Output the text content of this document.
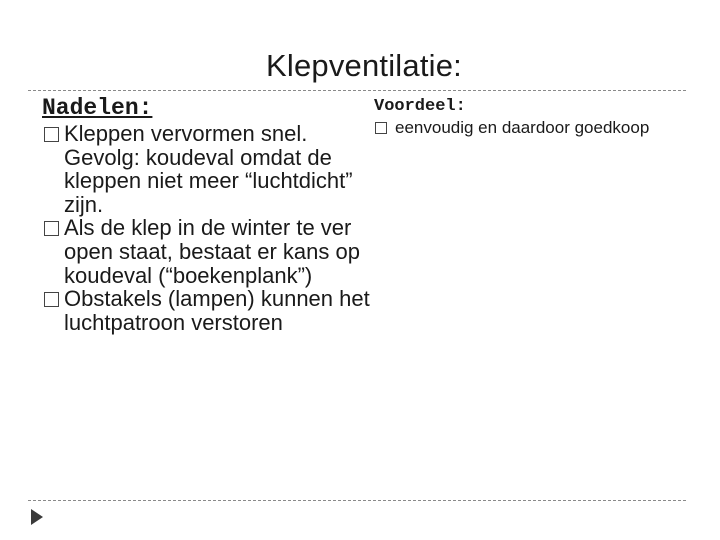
Klepventilatie:

Nadelen:

Kleppen vervormen snel. Gevolg: koudeval omdat de kleppen niet meer “luchtdicht” zijn.
Als de klep in de winter te ver open staat, bestaat er kans op koudeval (“boekenplank”)
Obstakels (lampen) kunnen het luchtpatroon verstoren

Voordeel:

eenvoudig en daardoor goedkoop
